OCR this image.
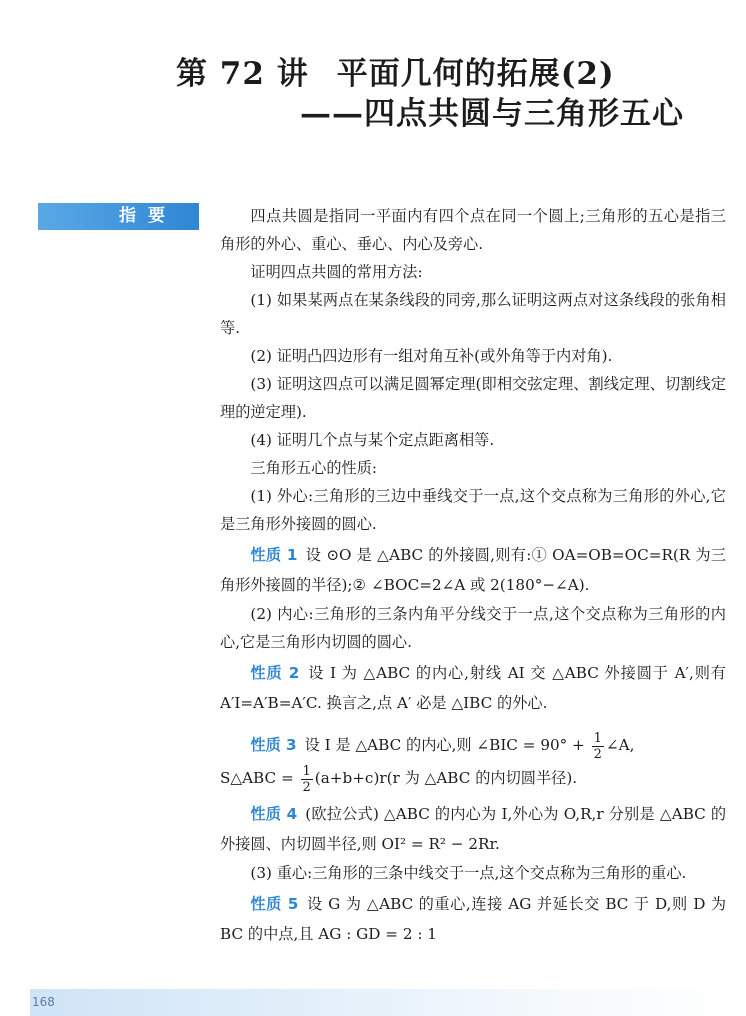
第 72 讲 平面几何的拓展(2)
——四点共圆与三角形五心
指要	四点共圆是指同一平面内有四个点在同一个圆上;三角形的五心是指三角形的外心、重心、垂心、内心及旁心.

证明四点共圆的常用方法:

(1) 如果某两点在某条线段的同旁,那么证明这两点对这条线段的张角相等.

(2) 证明凸四边形有一组对角互补(或外角等于内对角).

(3) 证明这四点可以满足圆幂定理(即相交弦定理、割线定理、切割线定理的逆定理).

(4) 证明几个点与某个定点距离相等.

三角形五心的性质:

(1) 外心:三角形的三边中垂线交于一点,这个交点称为三角形的外心,它是三角形外接圆的圆心.

性质 1 设 ⊙O 是 △ABC 的外接圆,则有:① OA=OB=OC=R(R 为三角形外接圆的半径);② ∠BOC=2∠A 或 2(180°−∠A).

(2) 内心:三角形的三条内角平分线交于一点,这个交点称为三角形的内心,它是三角形内切圆的圆心.

性质 2 设 I 为 △ABC 的内心,射线 AI 交 △ABC 外接圆于 A′,则有 A′I=A′B=A′C. 换言之,点 A′ 必是 △IBC 的外心.

性质 3 设 I 是 △ABC 的内心,则 ∠BIC = $90^\circ + \frac{1}{2}$ ∠A,

S△ABC = $\frac{1}{2} (a+b+c)r(r$ 为 △ABC 的内切圆半径).

性质 4 (欧拉公式) △ABC 的内心为 I,外心为 O,R,r 分别是 △ABC 的外接圆、内切圆半径,则 OI² = R² − 2Rr.

(3) 重心:三角形的三条中线交于一点,这个交点称为三角形的重心.

性质 5 设 G 为 △ABC 的重心,连接 AG 并延长交 BC 于 D,则 D 为 BC 的中点,且 AG : GD = 2 : 1

168
